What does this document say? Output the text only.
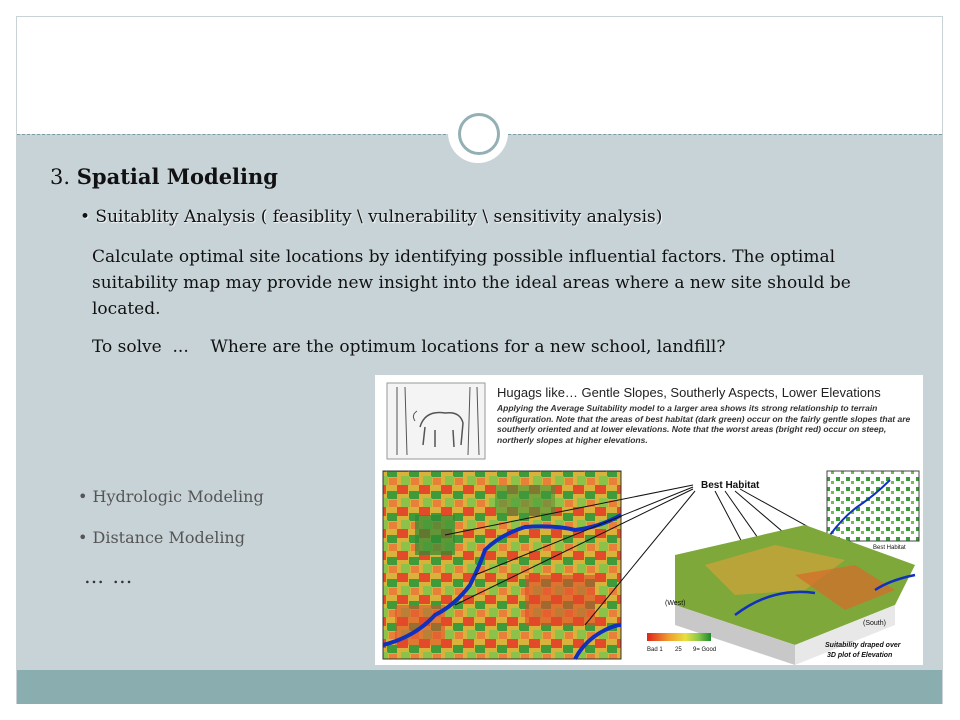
3. Spatial Modeling
• Suitablity Analysis ( feasiblity \ vulnerability \ sensitivity analysis)
Calculate optimal site locations by identifying possible influential factors. The optimal suitability map may provide new insight into the ideal areas where a new site should be located.
To solve  ...    Where are the optimum locations for a new school, landfill?
• Hydrologic Modeling
• Distance Modeling
… …
Hugags like… Gentle Slopes, Southerly Aspects, Lower Elevations
Applying the Average Suitability model to a larger area shows its strong relationship to terrain configuration. Note that the areas of best habitat (dark green) occur on the fairly gentle slopes that are southerly oriented and at lower elevations. Note that the worst areas (bright red) occur on steep, northerly slopes at higher elevations.
Best Habitat
Best Habitat
(West)
(South)
Bad 1 25 9= Good
Suitability draped over
3D plot of Elevation
